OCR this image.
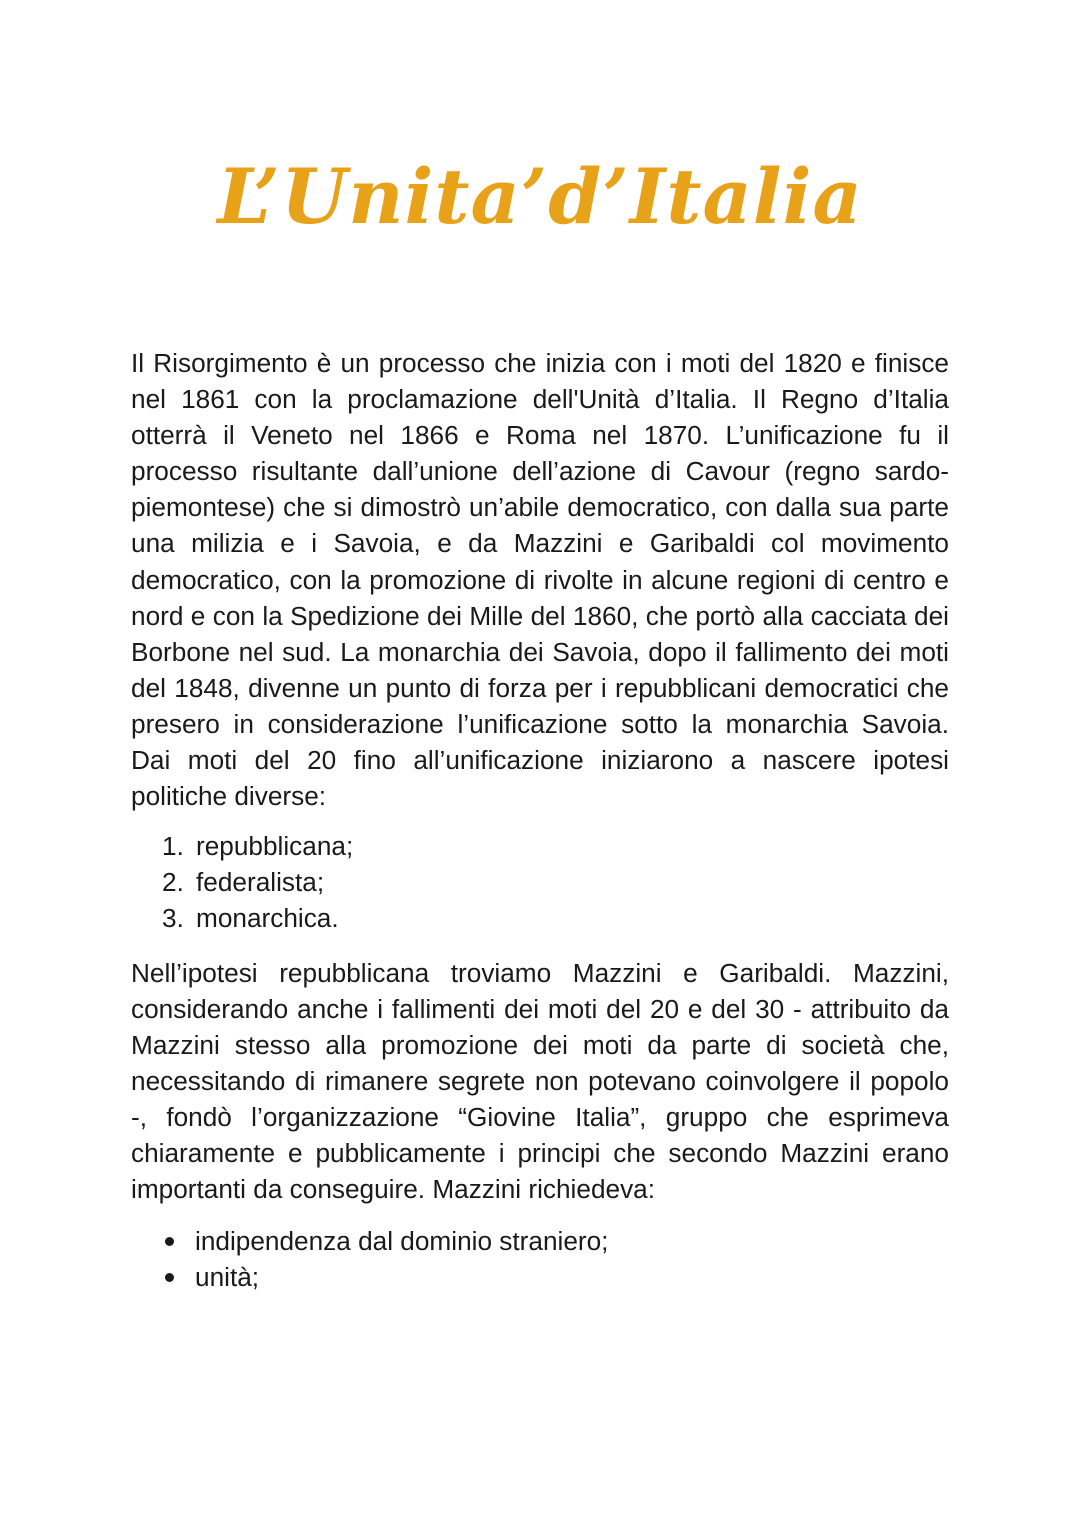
L’Unita’d’Italia

Il Risorgimento è un processo che inizia con i moti del 1820 e finisce nel 1861 con la proclamazione dell'Unità d’Italia. Il Regno d’Italia otterrà il Veneto nel 1866 e Roma nel 1870. L’unificazione fu il processo risultante dall’unione dell’azione di Cavour (regno sardo-piemontese) che si dimostrò un’abile democratico, con dalla sua parte una milizia e i Savoia, e da Mazzini e Garibaldi col movimento democratico, con la promozione di rivolte in alcune regioni di centro e nord e con la Spedizione dei Mille del 1860, che portò alla cacciata dei Borbone nel sud. La monarchia dei Savoia, dopo il fallimento dei moti del 1848, divenne un punto di forza per i repubblicani democratici che presero in considerazione l’unificazione sotto la monarchia Savoia. Dai moti del 20 fino all’unificazione iniziarono a nascere ipotesi politiche diverse:

1. repubblicana;
2. federalista;
3. monarchica.

Nell’ipotesi repubblicana troviamo Mazzini e Garibaldi. Mazzini, considerando anche i fallimenti dei moti del 20 e del 30 - attribuito da Mazzini stesso alla promozione dei moti da parte di società che, necessitando di rimanere segrete non potevano coinvolgere il popolo -, fondò l’organizzazione “Giovine Italia”, gruppo che esprimeva chiaramente e pubblicamente i principi che secondo Mazzini erano importanti da conseguire. Mazzini richiedeva:

indipendenza dal dominio straniero;
unità;
